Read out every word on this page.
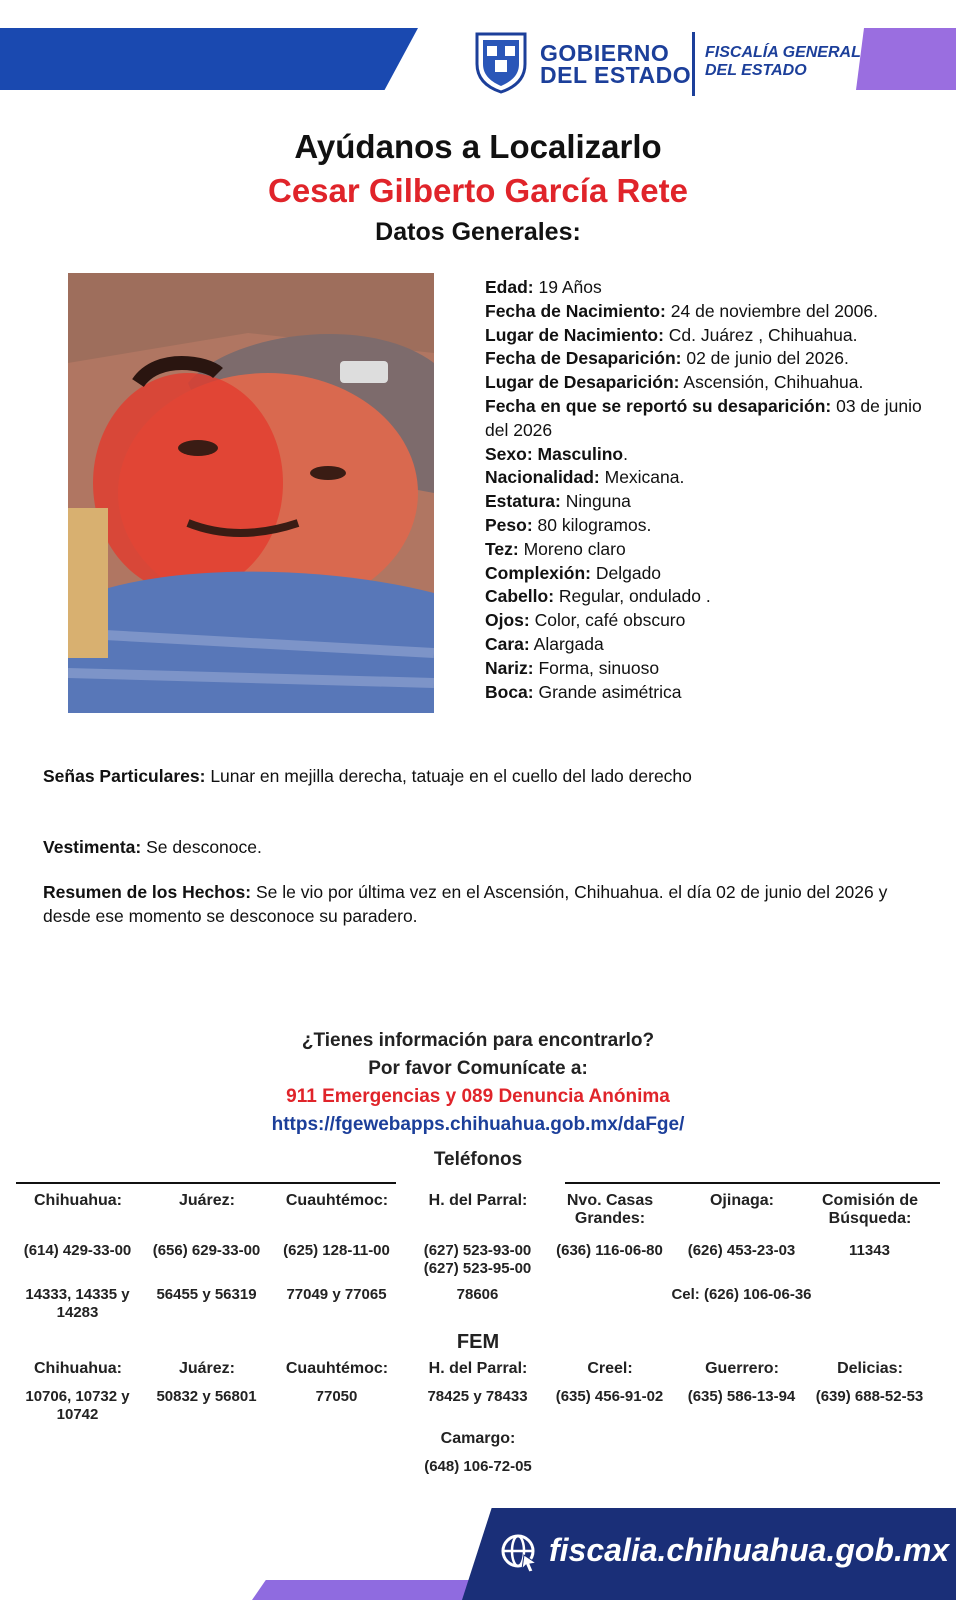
GOBIERNO
DEL ESTADO
FISCALÍA GENERAL
DEL ESTADO
Ayúdanos a Localizarlo
Cesar Gilberto García Rete
Datos Generales:
Edad: 19 Años
Fecha de Nacimiento: 24 de noviembre del 2006.
Lugar de Nacimiento: Cd. Juárez , Chihuahua.
Fecha de Desaparición: 02 de junio del 2026.
Lugar de Desaparición: Ascensión, Chihuahua.
Fecha en que se reportó su desaparición: 03 de junio del 2026
Sexo: Masculino.
Nacionalidad: Mexicana.
Estatura: Ninguna
Peso: 80 kilogramos.
Tez: Moreno claro
Complexión: Delgado
Cabello: Regular, ondulado .
Ojos: Color, café obscuro
Cara: Alargada
Nariz: Forma, sinuoso
Boca: Grande asimétrica
Señas Particulares: Lunar en mejilla derecha, tatuaje en el cuello del lado derecho
Vestimenta: Se desconoce.
Resumen de los Hechos: Se le vio por última vez en el Ascensión, Chihuahua. el día 02 de junio del 2026 y desde ese momento se desconoce su paradero.
¿Tienes información para encontrarlo?
Por favor Comunícate a:
911 Emergencias y 089 Denuncia Anónima
https://fgewebapps.chihuahua.gob.mx/daFge/
Teléfonos
Chihuahua:
(614) 429-33-00
14333, 14335 y 14283
Juárez:
(656) 629-33-00
56455 y 56319
Cuauhtémoc:
(625) 128-11-00
77049 y 77065
H. del Parral:
(627) 523-93-00 (627) 523-95-00
78606
Nvo. Casas Grandes:
(636) 116-06-80
Ojinaga:
(626) 453-23-03
Cel: (626) 106-06-36
Comisión de Búsqueda:
11343
FEM
Chihuahua:
10706, 10732 y 10742
Juárez:
50832 y 56801
Cuauhtémoc:
77050
H. del Parral:
78425 y 78433
Creel:
(635) 456-91-02
Guerrero:
(635) 586-13-94
Delicias:
(639) 688-52-53
Camargo:
(648) 106-72-05
fiscalia.chihuahua.gob.mx
